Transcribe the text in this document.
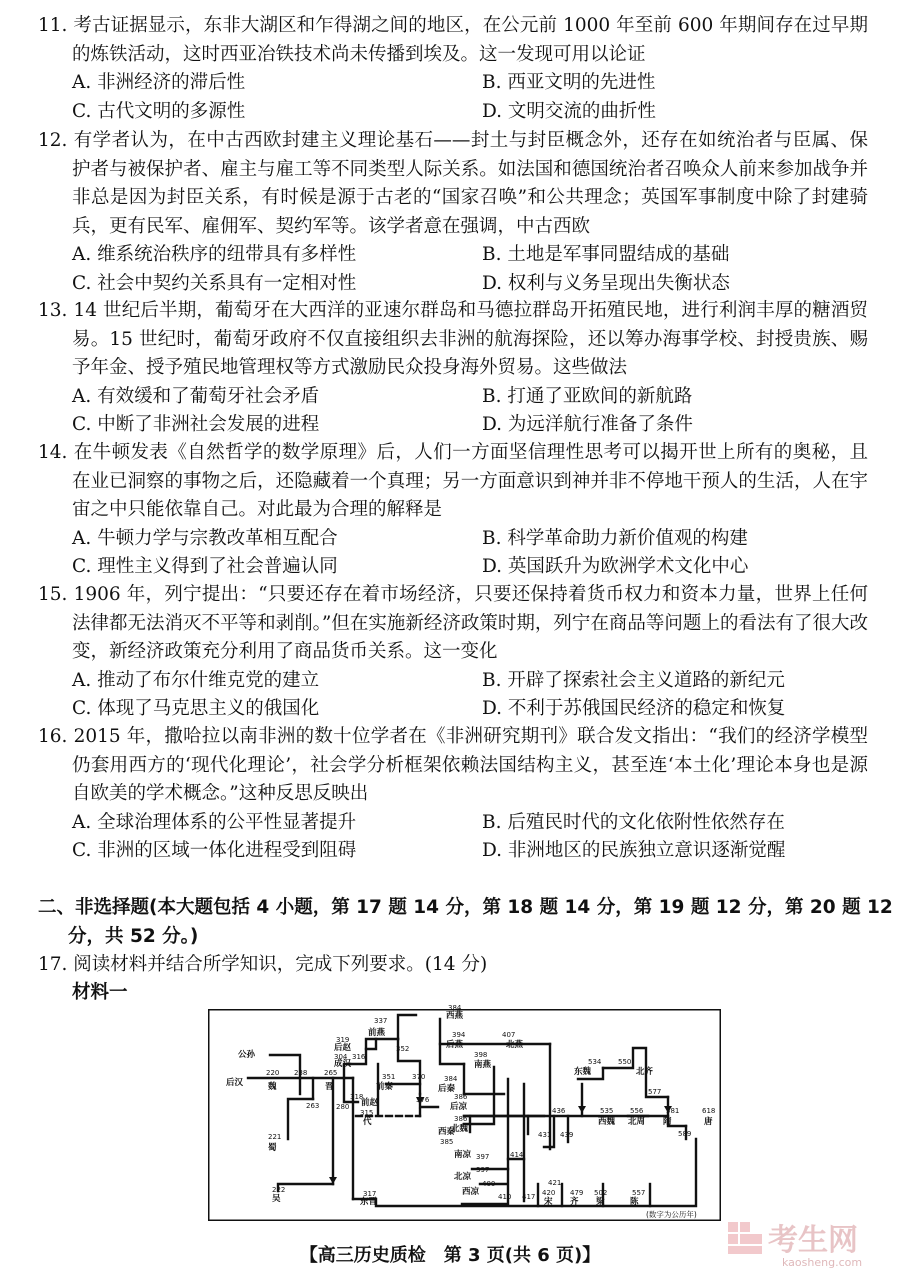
11. 考古证据显示，东非大湖区和乍得湖之间的地区，在公元前 1000 年至前 600 年期间存在过早期的炼铁活动，这时西亚冶铁技术尚未传播到埃及。这一发现可用以论证
A. 非洲经济的滞后性	B. 西亚文明的先进性
C. 古代文明的多源性	D. 文明交流的曲折性
12. 有学者认为，在中古西欧封建主义理论基石——封土与封臣概念外，还存在如统治者与臣属、保护者与被保护者、雇主与雇工等不同类型人际关系。如法国和德国统治者召唤众人前来参加战争并非总是因为封臣关系，有时候是源于古老的“国家召唤”和公共理念；英国军事制度中除了封建骑兵，更有民军、雇佣军、契约军等。该学者意在强调，中古西欧
A. 维系统治秩序的纽带具有多样性	B. 土地是军事同盟结成的基础
C. 社会中契约关系具有一定相对性	D. 权利与义务呈现出失衡状态
13. 14 世纪后半期，葡萄牙在大西洋的亚速尔群岛和马德拉群岛开拓殖民地，进行利润丰厚的糖酒贸易。15 世纪时，葡萄牙政府不仅直接组织去非洲的航海探险，还以筹办海事学校、封授贵族、赐予年金、授予殖民地管理权等方式激励民众投身海外贸易。这些做法
A. 有效缓和了葡萄牙社会矛盾	B. 打通了亚欧间的新航路
C. 中断了非洲社会发展的进程	D. 为远洋航行准备了条件
14. 在牛顿发表《自然哲学的数学原理》后，人们一方面坚信理性思考可以揭开世上所有的奥秘，且在业已洞察的事物之后，还隐藏着一个真理；另一方面意识到神并非不停地干预人的生活，人在宇宙之中只能依靠自己。对此最为合理的解释是
A. 牛顿力学与宗教改革相互配合	B. 科学革命助力新价值观的构建
C. 理性主义得到了社会普遍认同	D. 英国跃升为欧洲学术文化中心
15. 1906 年，列宁提出：“只要还存在着市场经济，只要还保持着货币权力和资本力量，世界上任何法律都无法消灭不平等和剥削。”但在实施新经济政策时期，列宁在商品等问题上的看法有了很大改变，新经济政策充分利用了商品货币关系。这一变化
A. 推动了布尔什维克党的建立	B. 开辟了探索社会主义道路的新纪元
C. 体现了马克思主义的俄国化	D. 不利于苏俄国民经济的稳定和恢复
16. 2015 年，撒哈拉以南非洲的数十位学者在《非洲研究期刊》联合发文指出：“我们的经济学模型仍套用西方的‘现代化理论’，社会学分析框架依赖法国结构主义，甚至连‘本土化’理论本身也是源自欧美的学术概念。”这种反思反映出
A. 全球治理体系的公平性显著提升	B. 后殖民时代的文化依附性依然存在
C. 非洲的区域一体化进程受到阻碍	D. 非洲地区的民族独立意识逐渐觉醒
二、非选择题(本大题包括 4 小题，第 17 题 14 分，第 18 题 14 分，第 19 题 12 分，第 20 题 12 分，共 52 分。)
17. 阅读材料并结合所学知识，完成下列要求。(14 分)
材料一
公孙
后汉	魏
蜀
吴
晋
前赵
后赵
成汉
前燕
代
前秦	后秦
西秦
后凉
南凉
北凉
西凉
西燕
后燕	北燕
南燕
北魏
西魏
东魏
北周
北齐
隋	唐
东晋	宋 齐 梁	陈
220 238 265
263
221
222
280
304 316
318
319
315
337
352
351 370
376
317
384
384
394	407
398
386
386
385
397
397
400
414
421
410 417 420
431 439
436
479 502	557
534 550
535 556
577
581
589
618
(数字为公历年)
【高三历史质检　第 3 页(共 6 页)】	考生网
kaosheng.com
